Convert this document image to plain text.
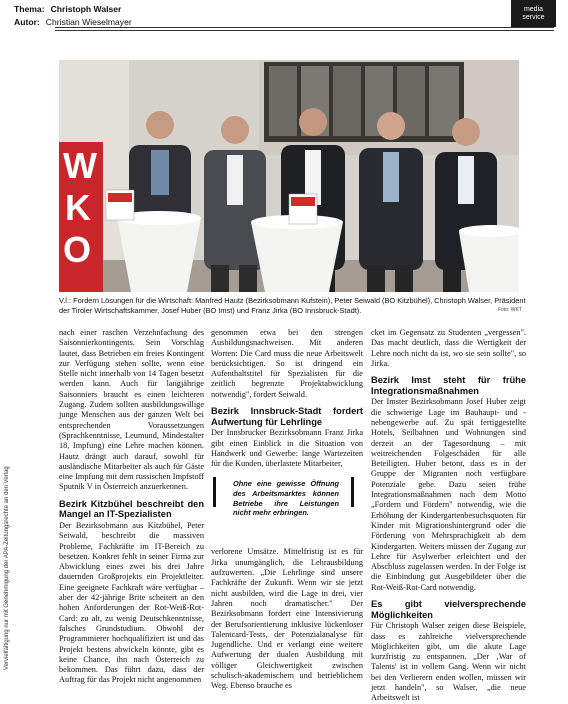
Thema: Christoph Walser
Autor: Christian Wieselmayer
media
service
W
K
O
V.l.: Fordern Lösungen für die Wirtschaft: Manfred Hautz (Bezirksobmann Kufstein), Peter Seiwald (BO Kitzbühel), Christoph Walser, Präsident der Tiroler Wirtschaftskammer, Josef Huber (BO Imst) und Franz Jirka (BO Innsbruck-Stadt).	Foto: WKT

nach einer raschen Verzehnfachung des Saisonnierkontingents. Sein Vorschlag lautet, dass Betrieben ein freies Kontingent zur Verfügung stehen sollte, wenn eine Stelle nicht innerhalb von 14 Tagen besetzt werden kann. Auch für langjährige Saisonniers braucht es einen leichteren Zugang. Zudem sollten ausbildungswillige junge Menschen aus der ganzen Welt bei entsprechenden Voraussetzungen (Sprachkenntnisse, Leumund, Mindestalter 18, Impfung) eine Lehre machen können. Hautz drängt auch darauf, sowohl für ausländische Mitarbeiter als auch für Gäste eine Impfung mit dem russischen Impfstoff Sputnik V in Österreich anzuerkennen.

Bezirk Kitzbühel beschreibt den Mangel an IT-Spezialisten

Der Bezirksobmann aus Kitzbühel, Peter Seiwald, beschreibt die massiven Probleme, Fachkräfte im IT-Bereich zu besetzen. Konkret fehlt in seiner Firma zur Abwicklung eines zwei bis drei Jahre dauernden Großprojekts ein Projektleiter. Eine geeignete Fachkraft wäre verfügbar – aber der 42-jährige Brite scheitert an den hohen Anforderungen der Rot-Weiß-Rot-Card: zu alt, zu wenig Deutschkenntnisse, falsches Grundstudium. Obwohl der Programmierer hochqualifiziert ist und das Projekt bestens abwickeln könnte, gibt es keine Chance, ihn nach Österreich zu bekommen. Das führt dazu, dass der Auftrag für das Projekt nicht angenommen

genommen etwa bei den strengen Ausbildungsnachweisen. Mit anderen Worten: Die Card muss die neue Arbeitswelt berücksichtigen. So ist dringend ein Aufenthaltstitel für Spezialisten für die zeitlich begrenzte Projektabwicklung notwendig", fordert Seiwald.

Bezirk Innsbruck-Stadt fordert Aufwertung für Lehrlinge

Der Innsbrucker Bezirksobmann Franz Jirka gibt einen Einblick in die Situation von Handwerk und Gewerbe: lange Wartezeiten für die Kunden, überlastete Mitarbeiter,

Ohne eine gewisse Öffnung des Arbeitsmarktes können Betriebe ihre Leistungen nicht mehr erbringen.

verlorene Umsätze. Mittelfristig ist es für Jirka unumgänglich, die Lehrausbildung aufzuwerten. „Die Lehrlinge sind unsere Fachkräfte der Zukunft. Wenn wir sie jetzt nicht ausbilden, wird die Lage in drei, vier Jahren noch dramatischer." Der Bezirksobmann fordert eine Intensivierung der Berufsorientierung inklusive lückenloser Talentcard-Tests, der Potenzialanalyse für Jugendliche. Und er verlangt eine weitere Aufwertung der dualen Ausbildung mit völliger Gleichwertigkeit zwischen schulisch-akademischem und betrieblichem Weg. Ebenso brauche es

cket im Gegensatz zu Studenten „vergessen". Das macht deutlich, dass die Wertigkeit der Lehre noch nicht da ist, wo sie sein sollte", so Jirka.

Bezirk Imst steht für frühe Integrationsmaßnahmen

Der Imster Bezirksobmann Josef Huber zeigt die schwierige Lage im Bauhaupt- und -nebengewerbe auf. Zu spät fertiggestellte Hotels, Seilbahnen und Wohnungen sind derzeit an der Tagesordnung – mit weitreichenden Folgeschäden für alle Beteiligten. Huber betont, dass es in der Gruppe der Migranten noch verfügbare Potenziale gebe. Dazu seien frühe Integrationsmaßnahmen nach dem Motto „Fordern und Fördern" notwendig, wie die Erhöhung der Kindergartenbesuchsquoten für Kinder mit Migrationshintergrund oder die Förderung von Mehrsprachigkeit ab dem Kindergarten. Weiters müssen der Zugang zur Lehre für Asylwerber erleichtert und der Abschluss zugelassen werden. In der Folge ist die Einbindung gut Ausgebildeter über die Rot-Weiß-Rot-Card notwendig.

Es gibt vielversprechende Möglichkeiten

Für Christoph Walser zeigen diese Beispiele, dass es zahlreiche vielversprechende Möglichkeiten gibt, um die akute Lage kurzfristig zu entspannen. „Der ‚War of Talents' ist in vollem Gang. Wenn wir nicht bei den Verlierern enden wollen, müssen wir jetzt handeln", so Walser, „die neue Arbeitswelt ist

Vervielfältigung nur mit Genehmigung der APA-Zeitungsrechte an den Verlag
